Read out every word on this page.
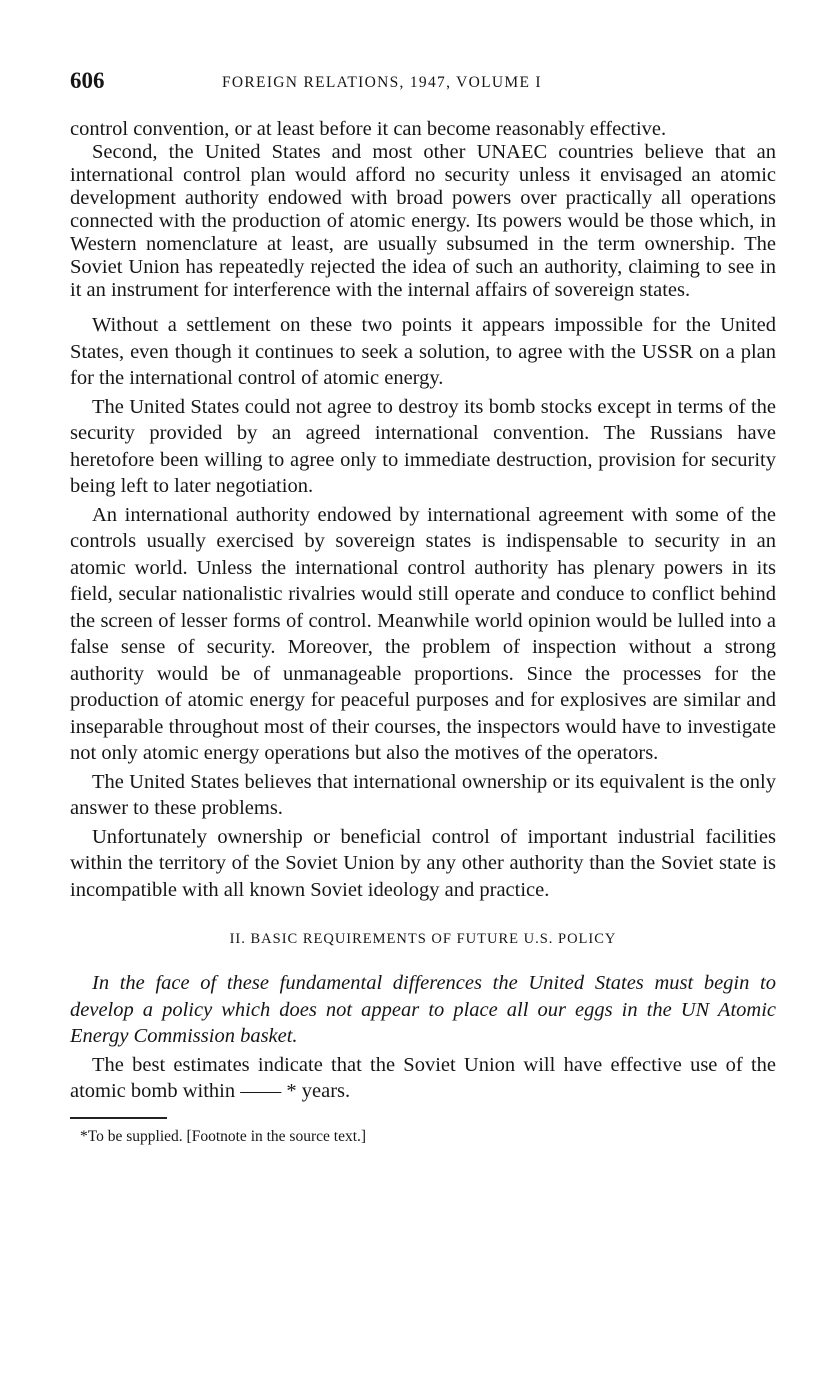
606	FOREIGN RELATIONS, 1947, VOLUME I

control convention, or at least before it can become reasonably effective.

Second, the United States and most other UNAEC countries believe that an international control plan would afford no security unless it envisaged an atomic development authority endowed with broad powers over practically all operations connected with the production of atomic energy. Its powers would be those which, in Western nomenclature at least, are usually subsumed in the term ownership. The Soviet Union has repeatedly rejected the idea of such an authority, claiming to see in it an instrument for interference with the internal affairs of sovereign states.

Without a settlement on these two points it appears impossible for the United States, even though it continues to seek a solution, to agree with the USSR on a plan for the international control of atomic energy.

The United States could not agree to destroy its bomb stocks except in terms of the security provided by an agreed international convention. The Russians have heretofore been willing to agree only to immediate destruction, provision for security being left to later negotiation.

An international authority endowed by international agreement with some of the controls usually exercised by sovereign states is indispensable to security in an atomic world. Unless the international control authority has plenary powers in its field, secular nationalistic rivalries would still operate and conduce to conflict behind the screen of lesser forms of control. Meanwhile world opinion would be lulled into a false sense of security. Moreover, the problem of inspection without a strong authority would be of unmanageable proportions. Since the processes for the production of atomic energy for peaceful purposes and for explosives are similar and inseparable throughout most of their courses, the inspectors would have to investigate not only atomic energy operations but also the motives of the operators.

The United States believes that international ownership or its equivalent is the only answer to these problems.

Unfortunately ownership or beneficial control of important industrial facilities within the territory of the Soviet Union by any other authority than the Soviet state is incompatible with all known Soviet ideology and practice.

II. BASIC REQUIREMENTS OF FUTURE U.S. POLICY

In the face of these fundamental differences the United States must begin to develop a policy which does not appear to place all our eggs in the UN Atomic Energy Commission basket.

The best estimates indicate that the Soviet Union will have effective use of the atomic bomb within —— * years.

*To be supplied. [Footnote in the source text.]
